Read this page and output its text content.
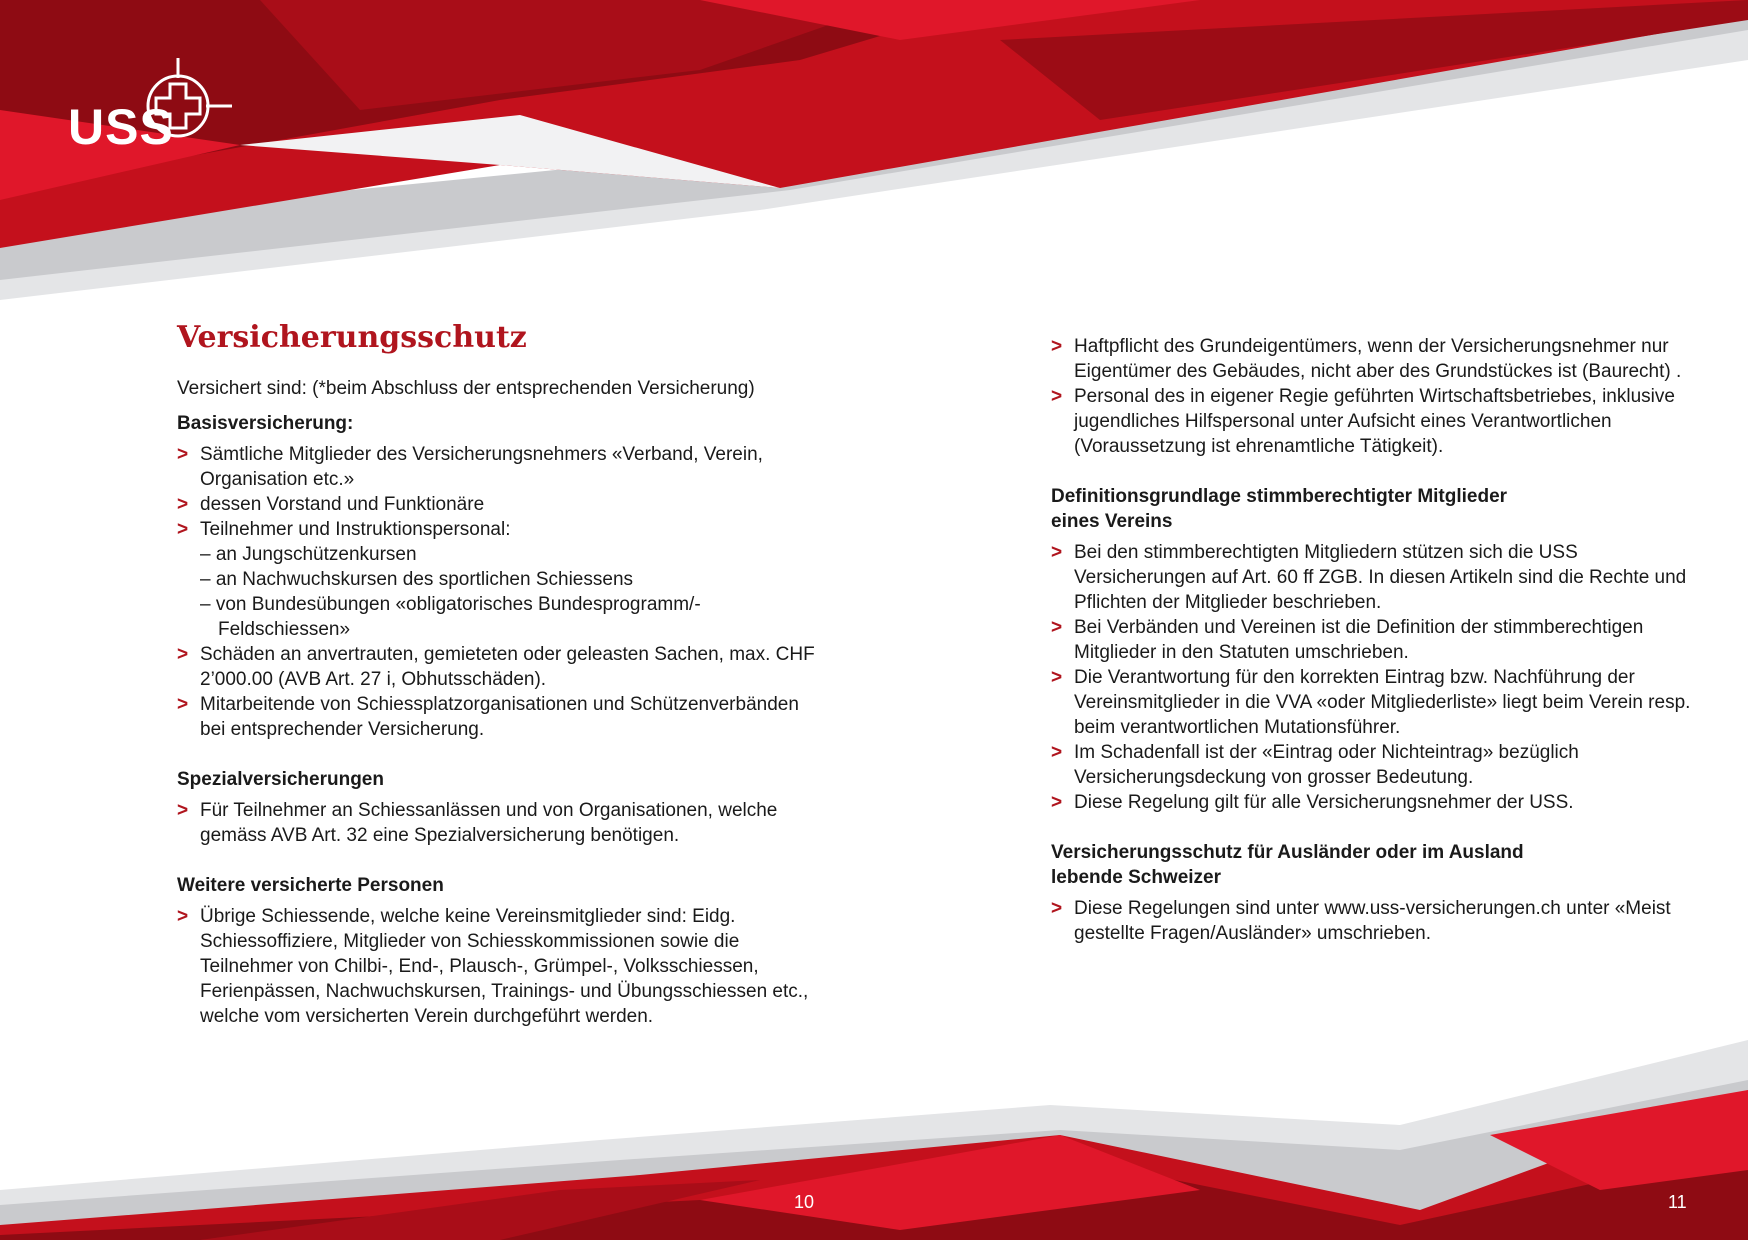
USS
Versicherungsschutz

Versichert sind: (*beim Abschluss der entsprechenden Versicherung)

Basisversicherung:
> Sämtliche Mitglieder des Versicherungsnehmers «Verband, Verein, Organisation etc.»
> dessen Vorstand und Funktionäre
> Teilnehmer und Instruktionspersonal:
– an Jungschützenkursen
– an Nachwuchskursen des sportlichen Schiessens
– von Bundesübungen «obligatorisches Bundesprogramm/Feldschiessen»
> Schäden an anvertrauten, gemieteten oder geleasten Sachen, max. CHF 2’000.00 (AVB Art. 27 i, Obhutsschäden).
> Mitarbeitende von Schiessplatzorganisationen und Schützenverbänden bei entsprechender Versicherung.
Spezialversicherungen
> Für Teilnehmer an Schiessanlässen und von Organisationen, welche gemäss AVB Art. 32 eine Spezialversicherung benötigen.
Weitere versicherte Personen
> Übrige Schiessende, welche keine Vereinsmitglieder sind: Eidg. Schiessoffiziere, Mitglieder von Schiesskommissionen sowie die Teilnehmer von Chilbi-, End-, Plausch-, Grümpel-, Volksschiessen, Ferienpässen, Nachwuchskursen, Trainings- und Übungsschiessen etc., welche vom versicherten Verein durchgeführt werden.
> Haftpflicht des Grundeigentümers, wenn der Versicherungsnehmer nur Eigentümer des Gebäudes, nicht aber des Grundstückes ist (Baurecht) .
> Personal des in eigener Regie geführten Wirtschaftsbetriebes, inklusive jugendliches Hilfspersonal unter Aufsicht eines Verantwortlichen (Voraussetzung ist ehrenamtliche Tätigkeit).
Definitionsgrundlage stimmberechtigter Mitglieder
eines Vereins
> Bei den stimmberechtigten Mitgliedern stützen sich die USS Versicherungen auf Art. 60 ff ZGB. In diesen Artikeln sind die Rechte und Pflichten der Mitglieder beschrieben.
> Bei Verbänden und Vereinen ist die Definition der stimmberechtigen Mitglieder in den Statuten umschrieben.
> Die Verantwortung für den korrekten Eintrag bzw. Nachführung der Vereinsmitglieder in die VVA «oder Mitgliederliste» liegt beim Verein resp. beim verantwortlichen Mutationsführer.
> Im Schadenfall ist der «Eintrag oder Nichteintrag» bezüglich Versicherungsdeckung von grosser Bedeutung.
> Diese Regelung gilt für alle Versicherungsnehmer der USS.
Versicherungsschutz für Ausländer oder im Ausland
lebende Schweizer
> Diese Regelungen sind unter www.uss-versicherungen.ch unter «Meist gestellte Fragen/Ausländer» umschrieben.
10	11
